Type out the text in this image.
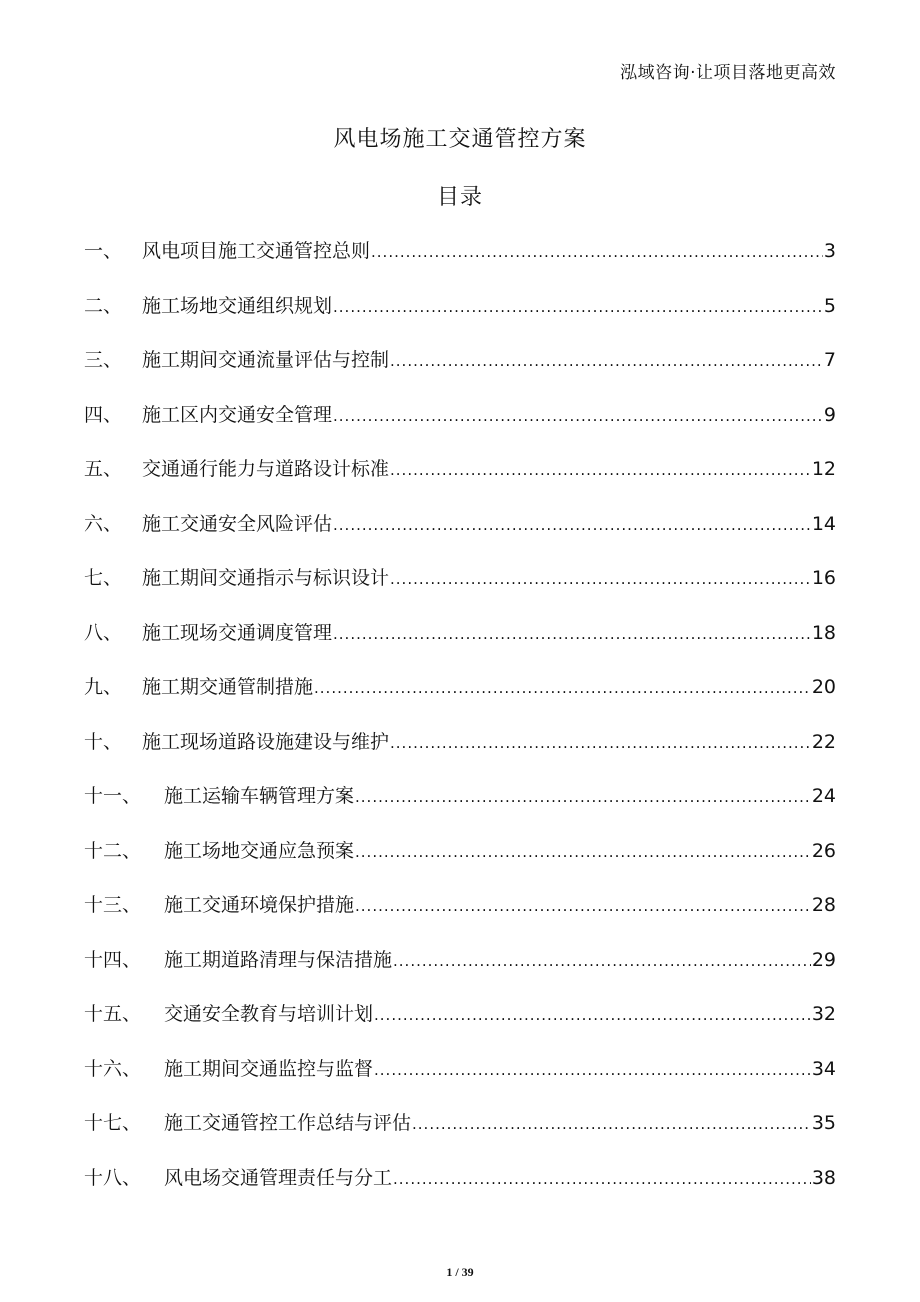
泓域咨询·让项目落地更高效
风电场施工交通管控方案
目录
一、	风电项目施工交通管控总则 .....	3
二、	施工场地交通组织规划 .....	5
三、	施工期间交通流量评估与控制 .....	7
四、	施工区内交通安全管理 .....	9
五、	交通通行能力与道路设计标准 .....	12
六、	施工交通安全风险评估 .....	14
七、	施工期间交通指示与标识设计 .....	16
八、	施工现场交通调度管理 .....	18
九、	施工期交通管制措施 .....	20
十、	施工现场道路设施建设与维护 .....	22
十一、	施工运输车辆管理方案 .....	24
十二、	施工场地交通应急预案 .....	26
十三、	施工交通环境保护措施 .....	28
十四、	施工期道路清理与保洁措施 .....	29
十五、	交通安全教育与培训计划 .....	32
十六、	施工期间交通监控与监督 .....	34
十七、	施工交通管控工作总结与评估 .....	35
十八、	风电场交通管理责任与分工 .....	38
1 / 39
